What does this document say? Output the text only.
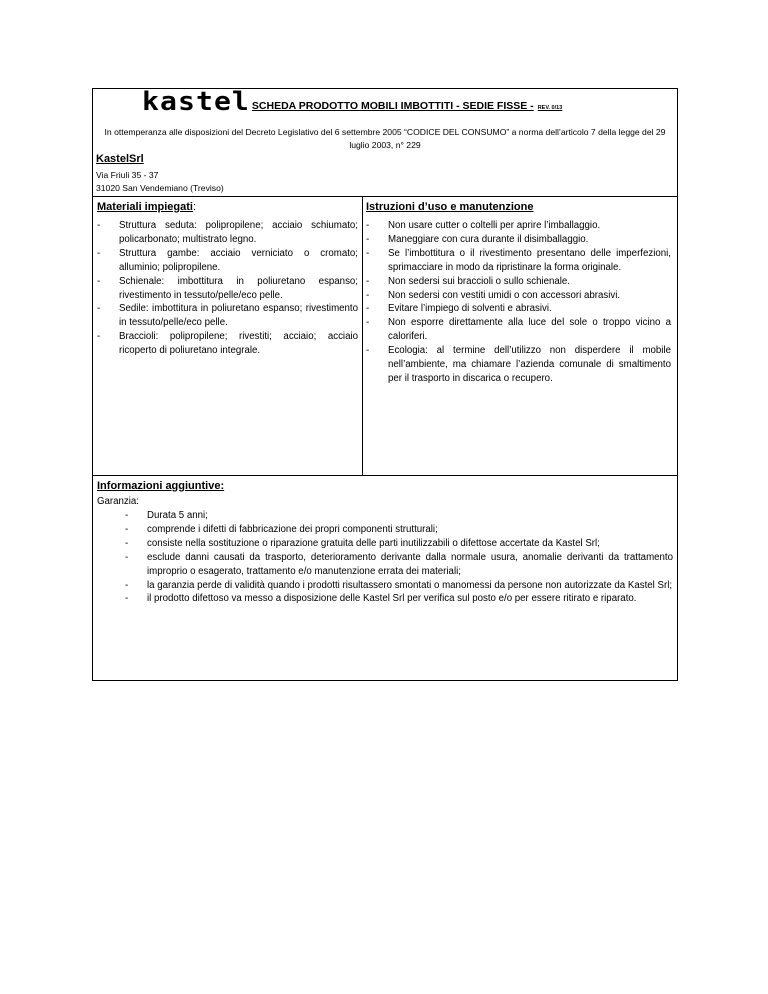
kastel SCHEDA PRODOTTO MOBILI IMBOTTITI - SEDIE FISSE - REV. 0/13
In ottemperanza alle disposizioni del Decreto Legislativo del 6 settembre 2005 “CODICE DEL CONSUMO” a norma dell’articolo 7 della legge del 29 luglio 2003, n° 229
KastelSrl
Via Friuli 35 - 37
31020 San Vendemiano (Treviso)
Materiali impiegati:
- Struttura seduta: polipropilene; acciaio schiumato; policarbonato; multistrato legno.
- Struttura gambe: acciaio verniciato o cromato; alluminio; polipropilene.
- Schienale: imbottitura in poliuretano espanso; rivestimento in tessuto/pelle/eco pelle.
- Sedile: imbottitura in poliuretano espanso; rivestimento in tessuto/pelle/eco pelle.
- Braccioli: polipropilene; rivestiti; acciaio; acciaio ricoperto di poliuretano integrale.
Istruzioni d’uso e manutenzione
- Non usare cutter o coltelli per aprire l’imballaggio.
- Maneggiare con cura durante il disimballaggio.
- Se l’imbottitura o il rivestimento presentano delle imperfezioni, sprimacciare in modo da ripristinare la forma originale.
- Non sedersi sui braccioli o sullo schienale.
- Non sedersi con vestiti umidi o con accessori abrasivi.
- Evitare l’impiego di solventi e abrasivi.
- Non esporre direttamente alla luce del sole o troppo vicino a caloriferi.
- Ecologia: al termine dell’utilizzo non disperdere il mobile nell’ambiente, ma chiamare l’azienda comunale di smaltimento per il trasporto in discarica o recupero.
Informazioni aggiuntive:
Garanzia:
- Durata 5 anni;
- comprende i difetti di fabbricazione dei propri componenti strutturali;
- consiste nella sostituzione o riparazione gratuita delle parti inutilizzabili o difettose accertate da Kastel Srl;
- esclude danni causati da trasporto, deterioramento derivante dalla normale usura, anomalie derivanti da trattamento improprio o esagerato, trattamento e/o manutenzione errata dei materiali;
- la garanzia perde di validità quando i prodotti risultassero smontati o manomessi da persone non autorizzate da Kastel Srl;
- il prodotto difettoso va messo a disposizione delle Kastel Srl per verifica sul posto e/o per essere ritirato e riparato.
